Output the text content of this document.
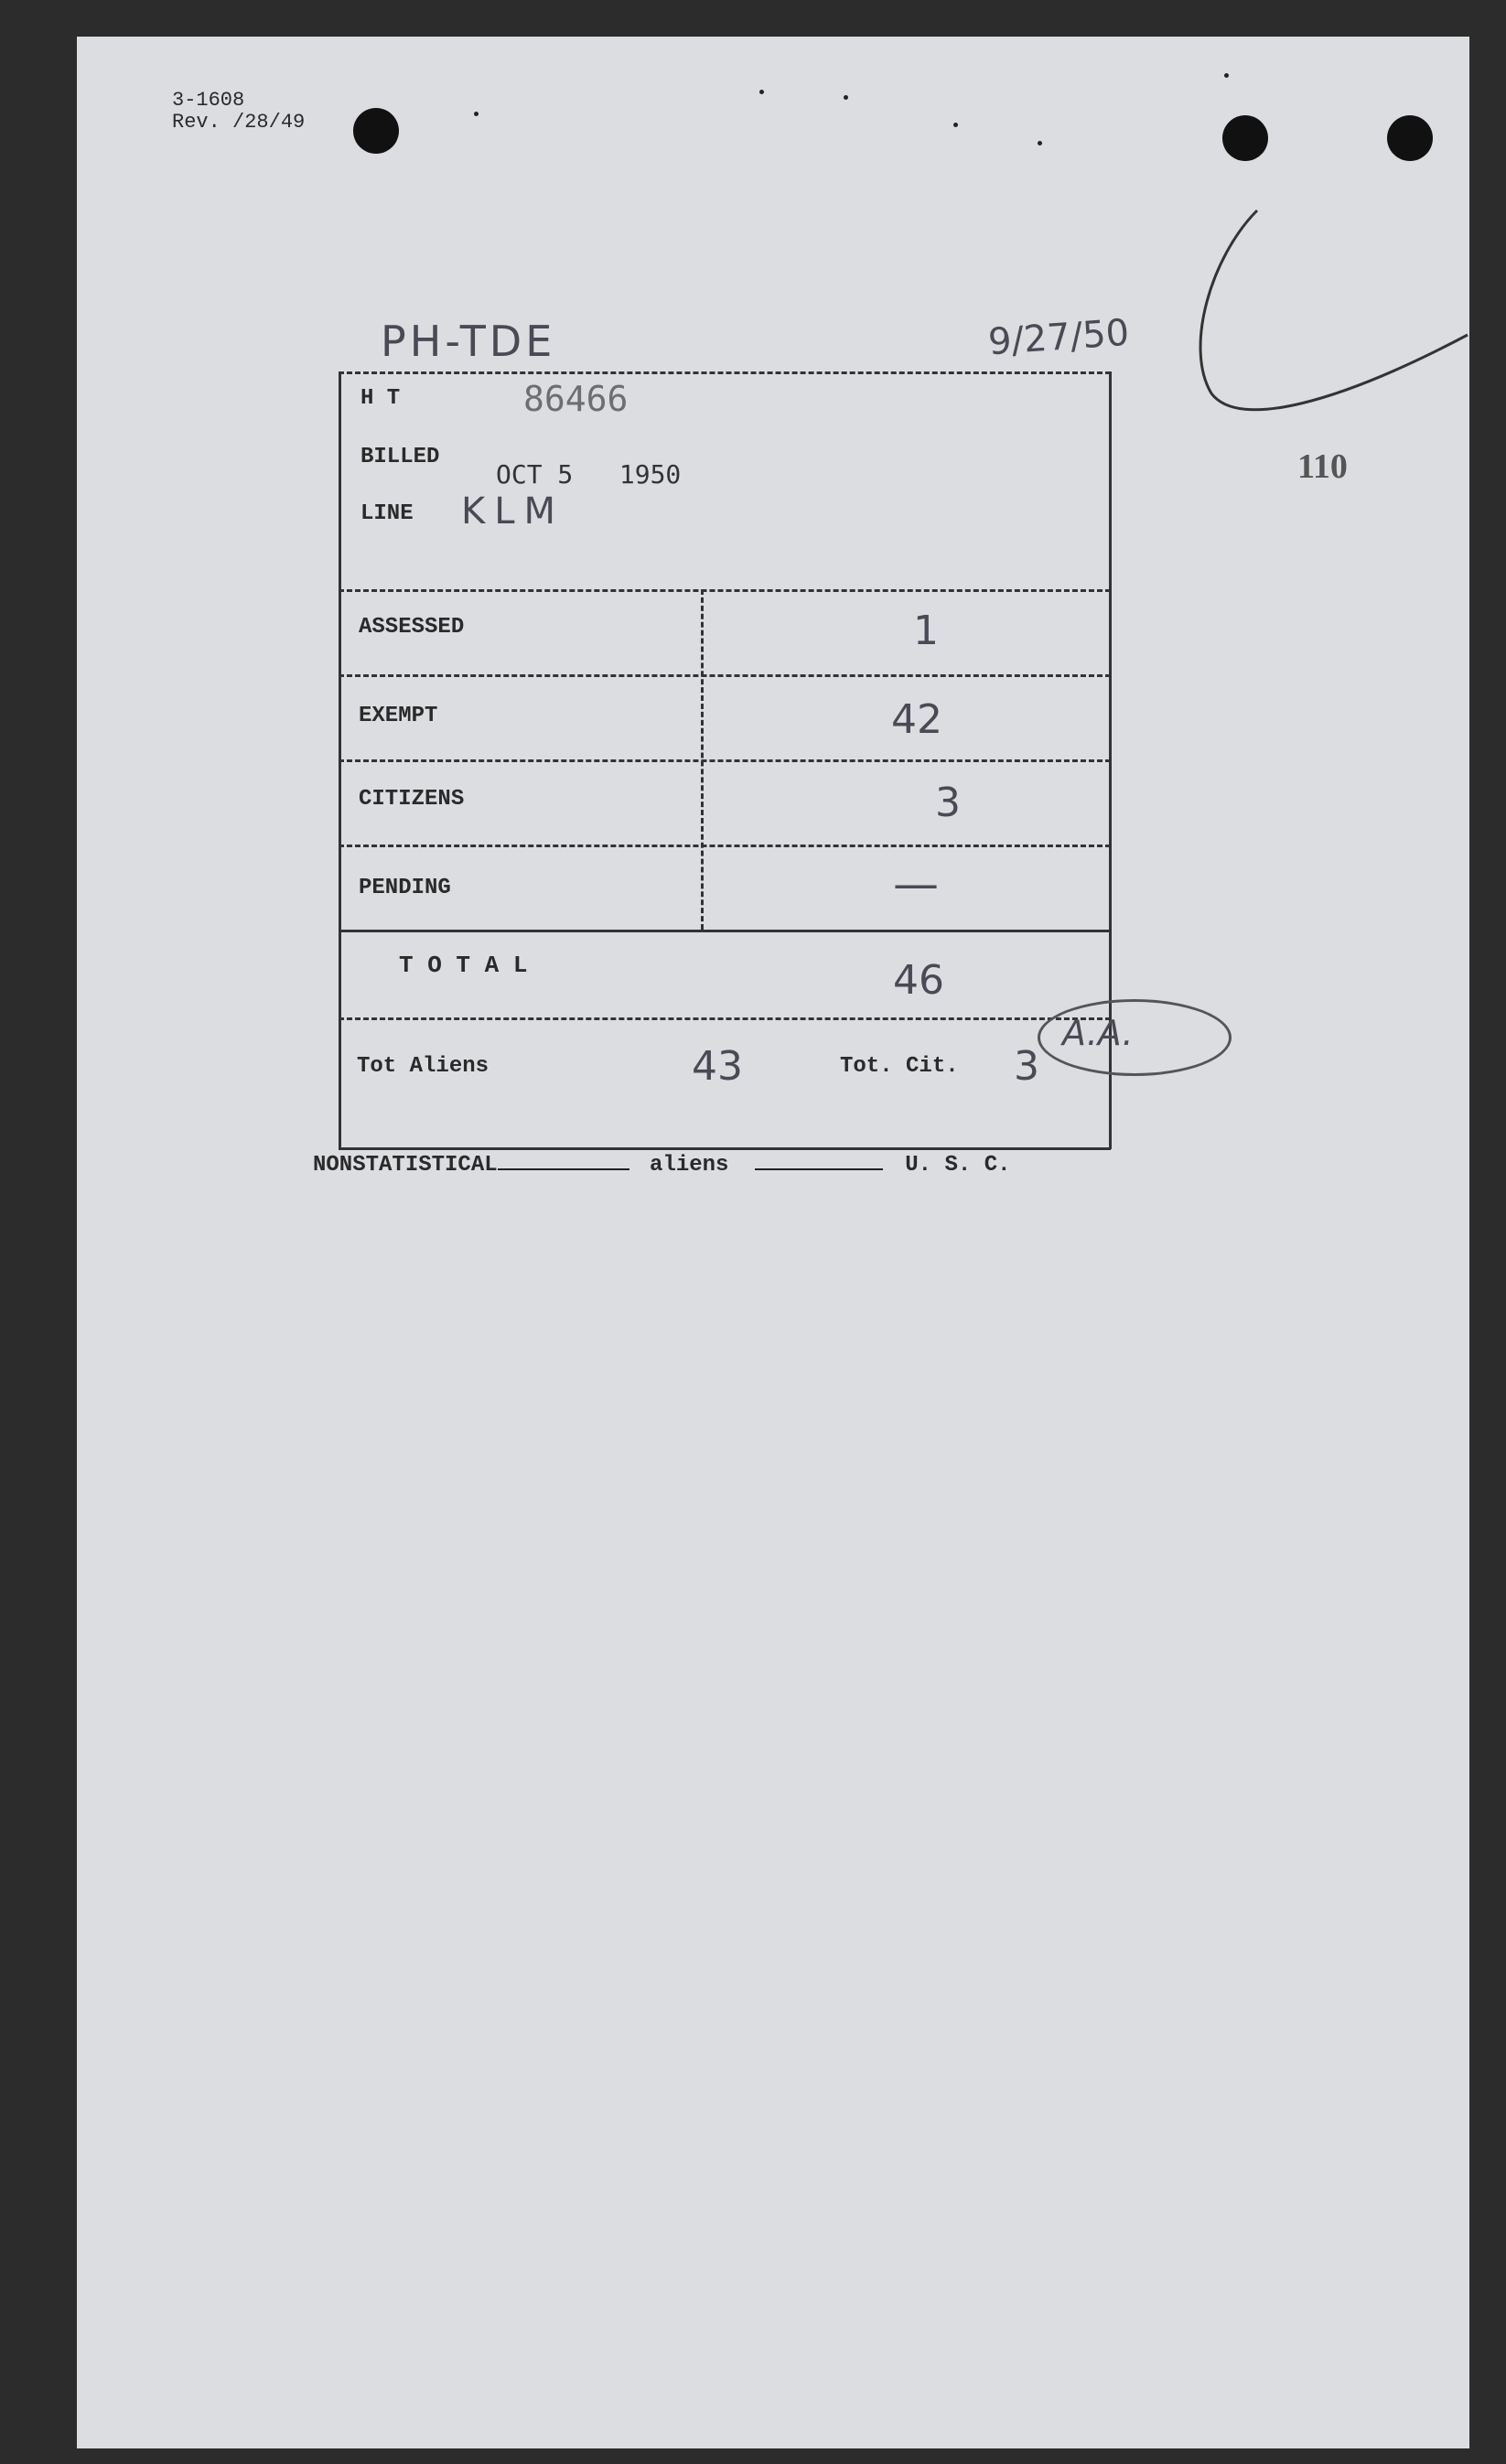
3-1608
Rev. /28/49
PH-TDE	9/27/50
110
H T	86466
BILLED
OCT 5   1950
LINE KLM
ASSESSED	1
EXEMPT	42
CITIZENS	3
PENDING	—
T O T A L	46
Tot Aliens	43	Tot. Cit. 3
A.A.
NONSTATISTICAL	aliens	U. S. C.
